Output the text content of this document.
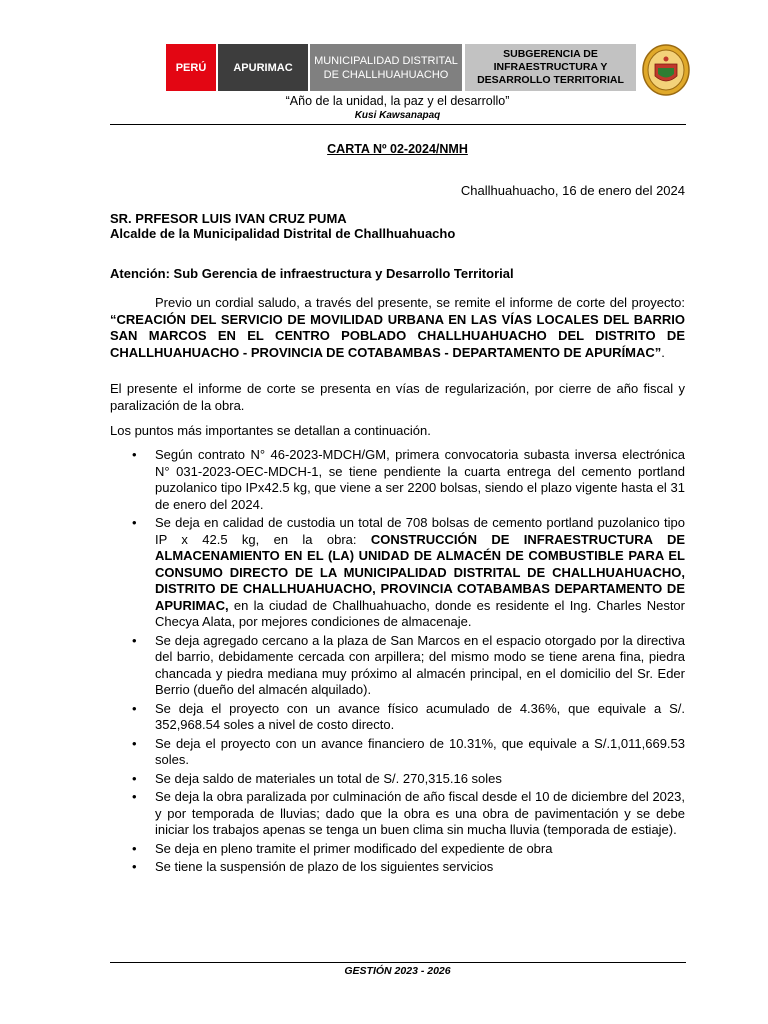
PERÚ APURIMAC
MUNICIPALIDAD DISTRITAL
DE CHALLHUAHUACHO
SUBGERENCIA DE
INFRAESTRUCTURA Y
DESARROLLO TERRITORIAL
“Año de la unidad, la paz y el desarrollo”
Kusi Kawsanapaq
CARTA Nº 02-2024/NMH
Challhuahuacho, 16 de enero del 2024
SR. PRFESOR LUIS IVAN CRUZ PUMA
Alcalde de la Municipalidad Distrital de Challhuahuacho
Atención: Sub Gerencia de infraestructura y Desarrollo Territorial
Previo un cordial saludo, a través del presente, se remite el informe de corte del proyecto: “CREACIÓN DEL SERVICIO DE MOVILIDAD URBANA EN LAS VÍAS LOCALES DEL BARRIO SAN MARCOS EN EL CENTRO POBLADO CHALLHUAHUACHO DEL DISTRITO DE CHALLHUAHUACHO - PROVINCIA DE COTABAMBAS - DEPARTAMENTO DE APURÍMAC”.
El presente el informe de corte se presenta en vías de regularización, por cierre de año fiscal y paralización de la obra.
Los puntos más importantes se detallan a continuación.
• Según contrato N° 46-2023-MDCH/GM, primera convocatoria subasta inversa electrónica N° 031-2023-OEC-MDCH-1, se tiene pendiente la cuarta entrega del cemento portland puzolanico tipo IPx42.5 kg, que viene a ser 2200 bolsas, siendo el plazo vigente hasta el 31 de enero del 2024.
• Se deja en calidad de custodia un total de 708 bolsas de cemento portland puzolanico tipo IP x 42.5 kg, en la obra: CONSTRUCCIÓN DE INFRAESTRUCTURA DE ALMACENAMIENTO EN EL (LA) UNIDAD DE ALMACÉN DE COMBUSTIBLE PARA EL CONSUMO DIRECTO DE LA MUNICIPALIDAD DISTRITAL DE CHALLHUAHUACHO, DISTRITO DE CHALLHUAHUACHO, PROVINCIA COTABAMBAS DEPARTAMENTO DE APURIMAC, en la ciudad de Challhuahuacho, donde es residente el Ing. Charles Nestor Checya Alata, por mejores condiciones de almacenaje.
• Se deja agregado cercano a la plaza de San Marcos en el espacio otorgado por la directiva del barrio, debidamente cercada con arpillera; del mismo modo se tiene arena fina, piedra chancada y piedra mediana muy próximo al almacén principal, en el domicilio del Sr. Eder Berrio (dueño del almacén alquilado).
• Se deja el proyecto con un avance físico acumulado de 4.36%, que equivale a S/. 352,968.54 soles a nivel de costo directo.
• Se deja el proyecto con un avance financiero de 10.31%, que equivale a S/.1,011,669.53 soles.
• Se deja saldo de materiales un total de S/. 270,315.16 soles
• Se deja la obra paralizada por culminación de año fiscal desde el 10 de diciembre del 2023, y por temporada de lluvias; dado que la obra es una obra de pavimentación y se debe iniciar los trabajos apenas se tenga un buen clima sin mucha lluvia (temporada de estiaje).
• Se deja en pleno tramite el primer modificado del expediente de obra
• Se tiene la suspensión de plazo de los siguientes servicios
GESTIÓN 2023 - 2026
